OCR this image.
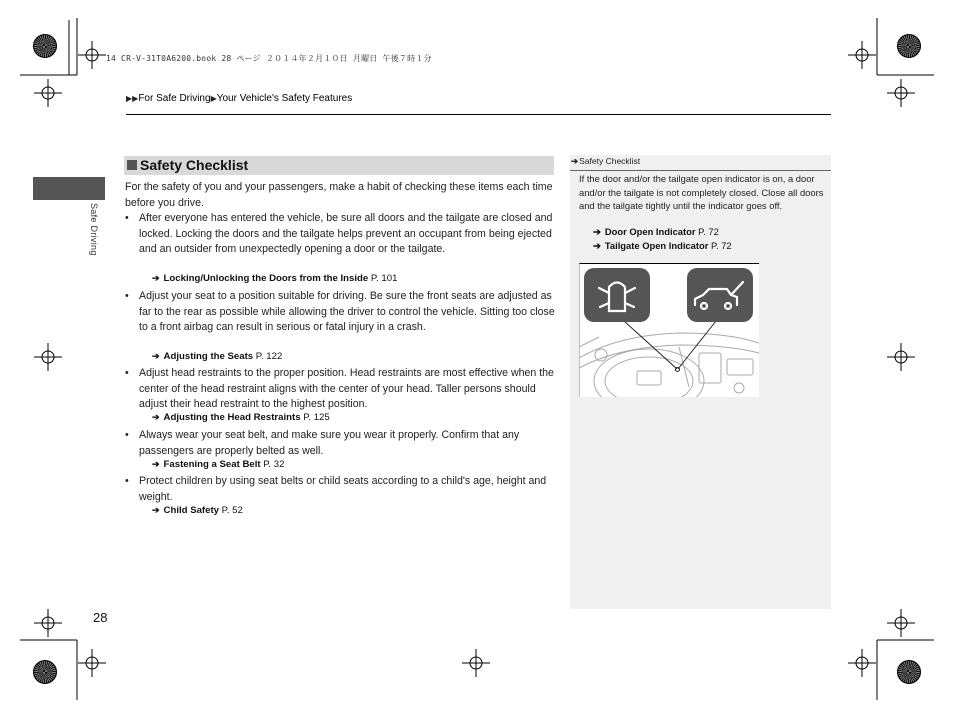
14 CR-V-31T0A6200.book 28 ページ ２０１４年２月１０日 月曜日 午後７時１分
▶▶For Safe Driving▶Your Vehicle's Safety Features
Safe Driving
Safety Checklist
For the safety of you and your passengers, make a habit of checking these items each time before you drive.
• After everyone has entered the vehicle, be sure all doors and the tailgate are closed and locked. Locking the doors and the tailgate helps prevent an occupant from being ejected and an outsider from unexpectedly opening a door or the tailgate.
➔ Locking/Unlocking the Doors from the Inside P. 101
• Adjust your seat to a position suitable for driving. Be sure the front seats are adjusted as far to the rear as possible while allowing the driver to control the vehicle. Sitting too close to a front airbag can result in serious or fatal injury in a crash.
➔ Adjusting the Seats P. 122
• Adjust head restraints to the proper position. Head restraints are most effective when the center of the head restraint aligns with the center of your head. Taller persons should adjust their head restraint to the highest position.
➔ Adjusting the Head Restraints P. 125
• Always wear your seat belt, and make sure you wear it properly. Confirm that any passengers are properly belted as well.
➔ Fastening a Seat Belt P. 32
• Protect children by using seat belts or child seats according to a child's age, height and weight.
➔ Child Safety P. 52
28
➔Safety Checklist
If the door and/or the tailgate open indicator is on, a door and/or the tailgate is not completely closed. Close all doors and the tailgate tightly until the indicator goes off.
➔ Door Open Indicator P. 72
➔ Tailgate Open Indicator P. 72
